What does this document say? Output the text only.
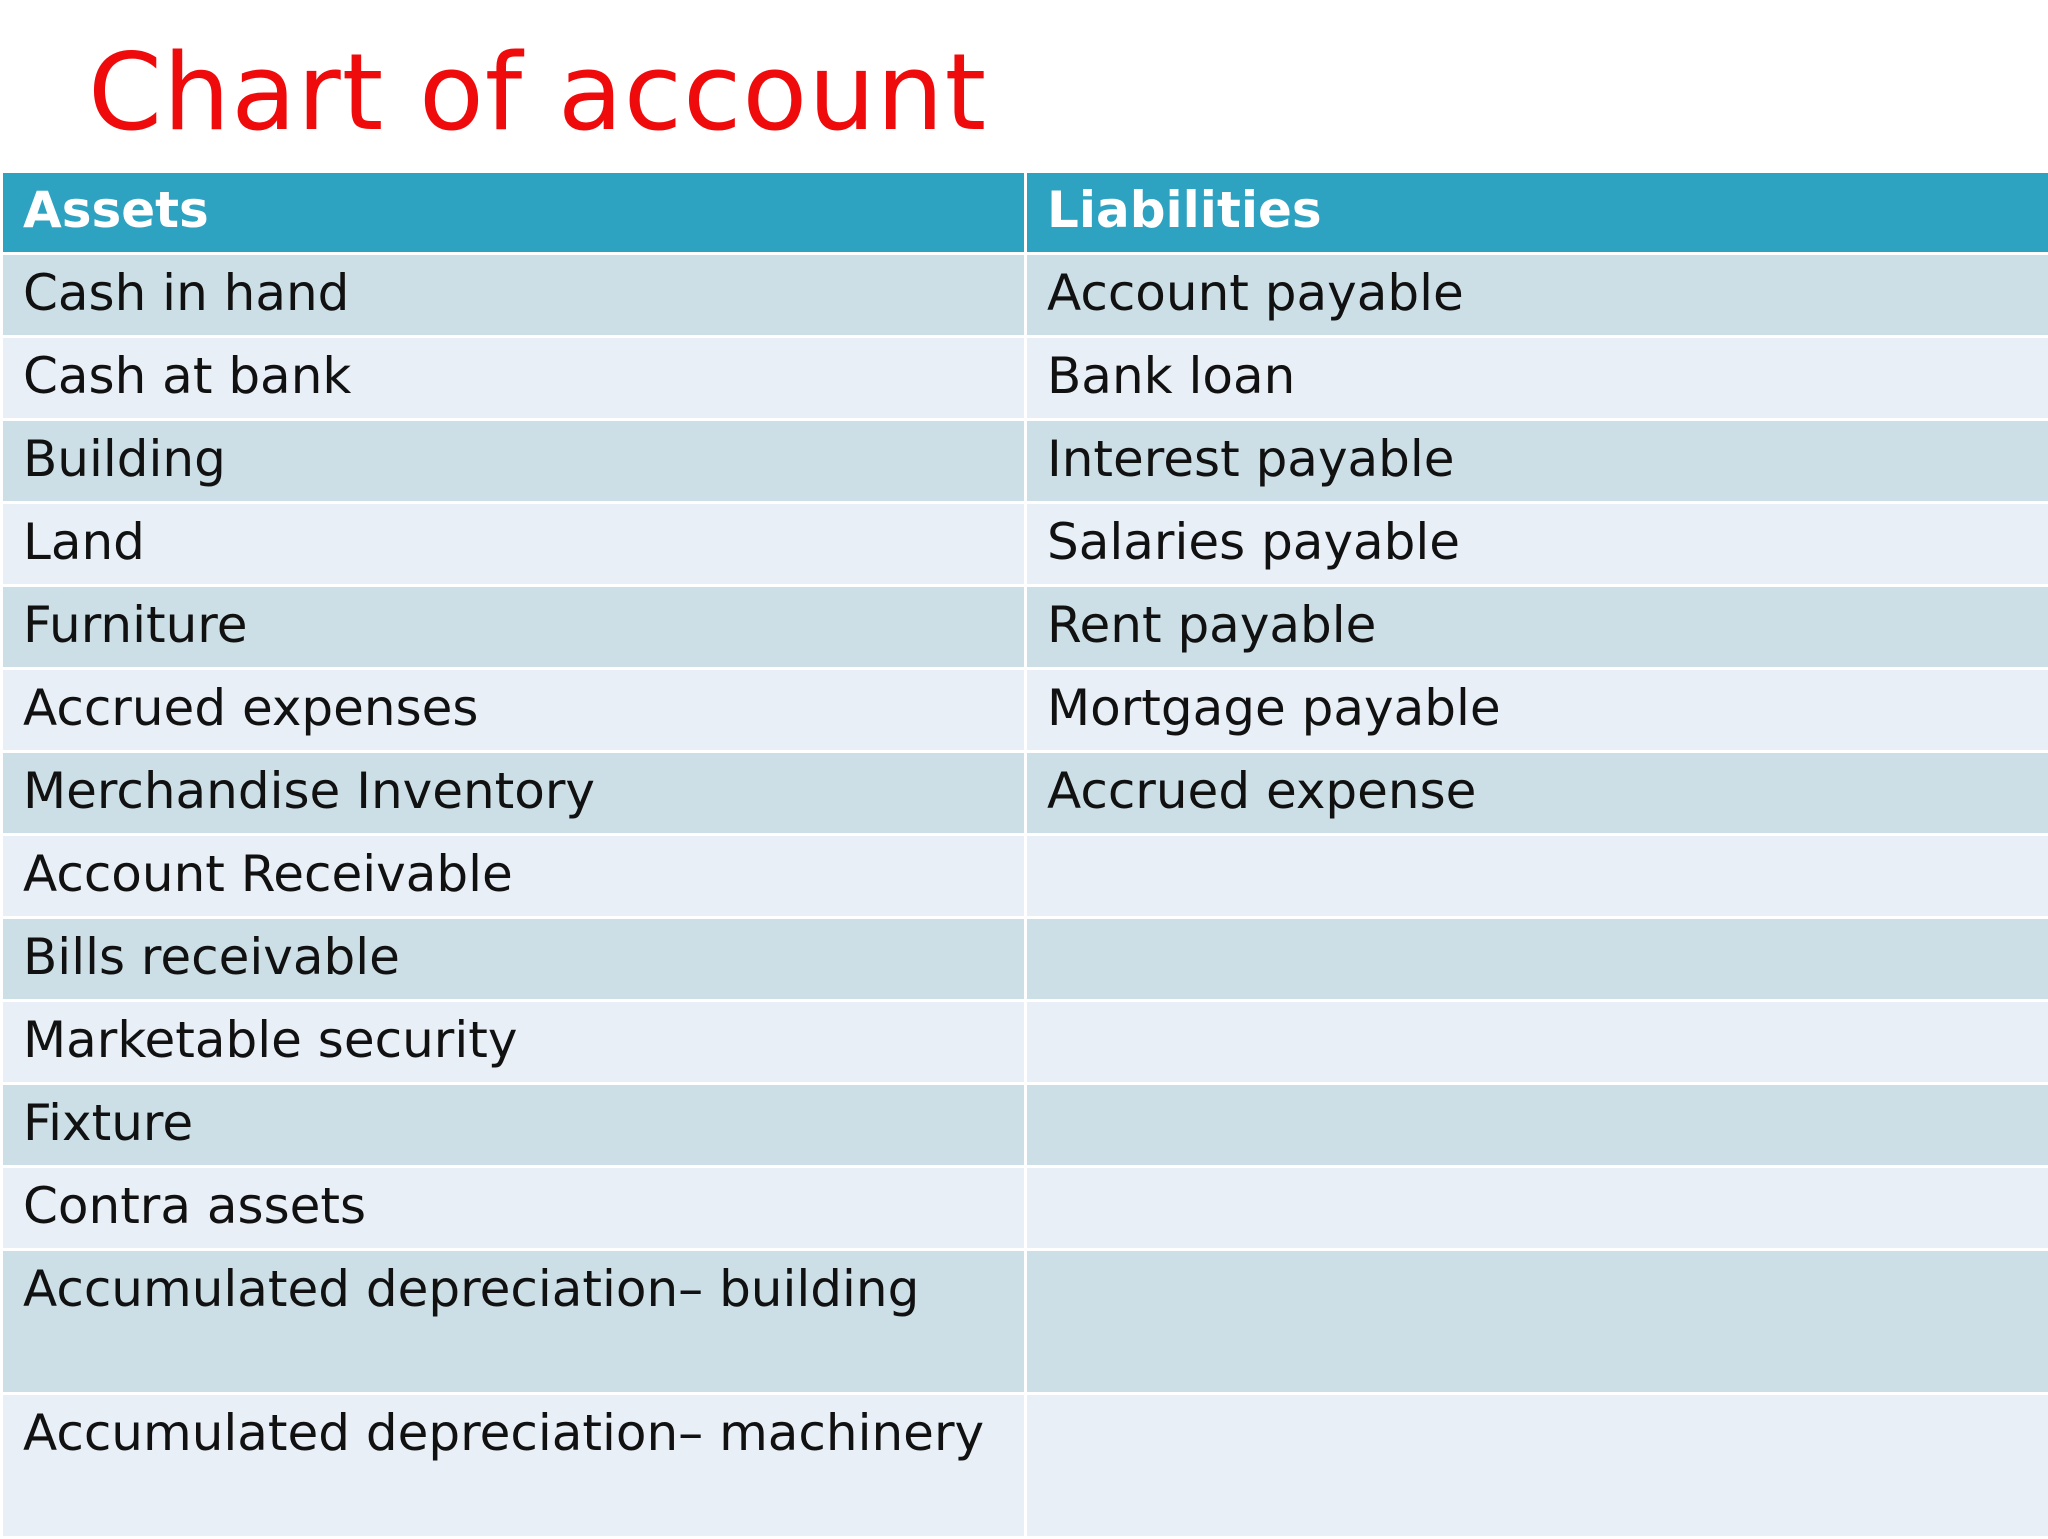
Chart of account
Assets	Liabilities
Cash in hand	Account payable
Cash at bank	Bank loan
Building	Interest payable
Land	Salaries payable
Furniture	Rent payable
Accrued expenses	Mortgage payable
Merchandise Inventory	Accrued expense
Account Receivable	
Bills receivable	
Marketable security	
Fixture	
Contra assets	
Accumulated depreciation– building	
Accumulated depreciation– machinery	
